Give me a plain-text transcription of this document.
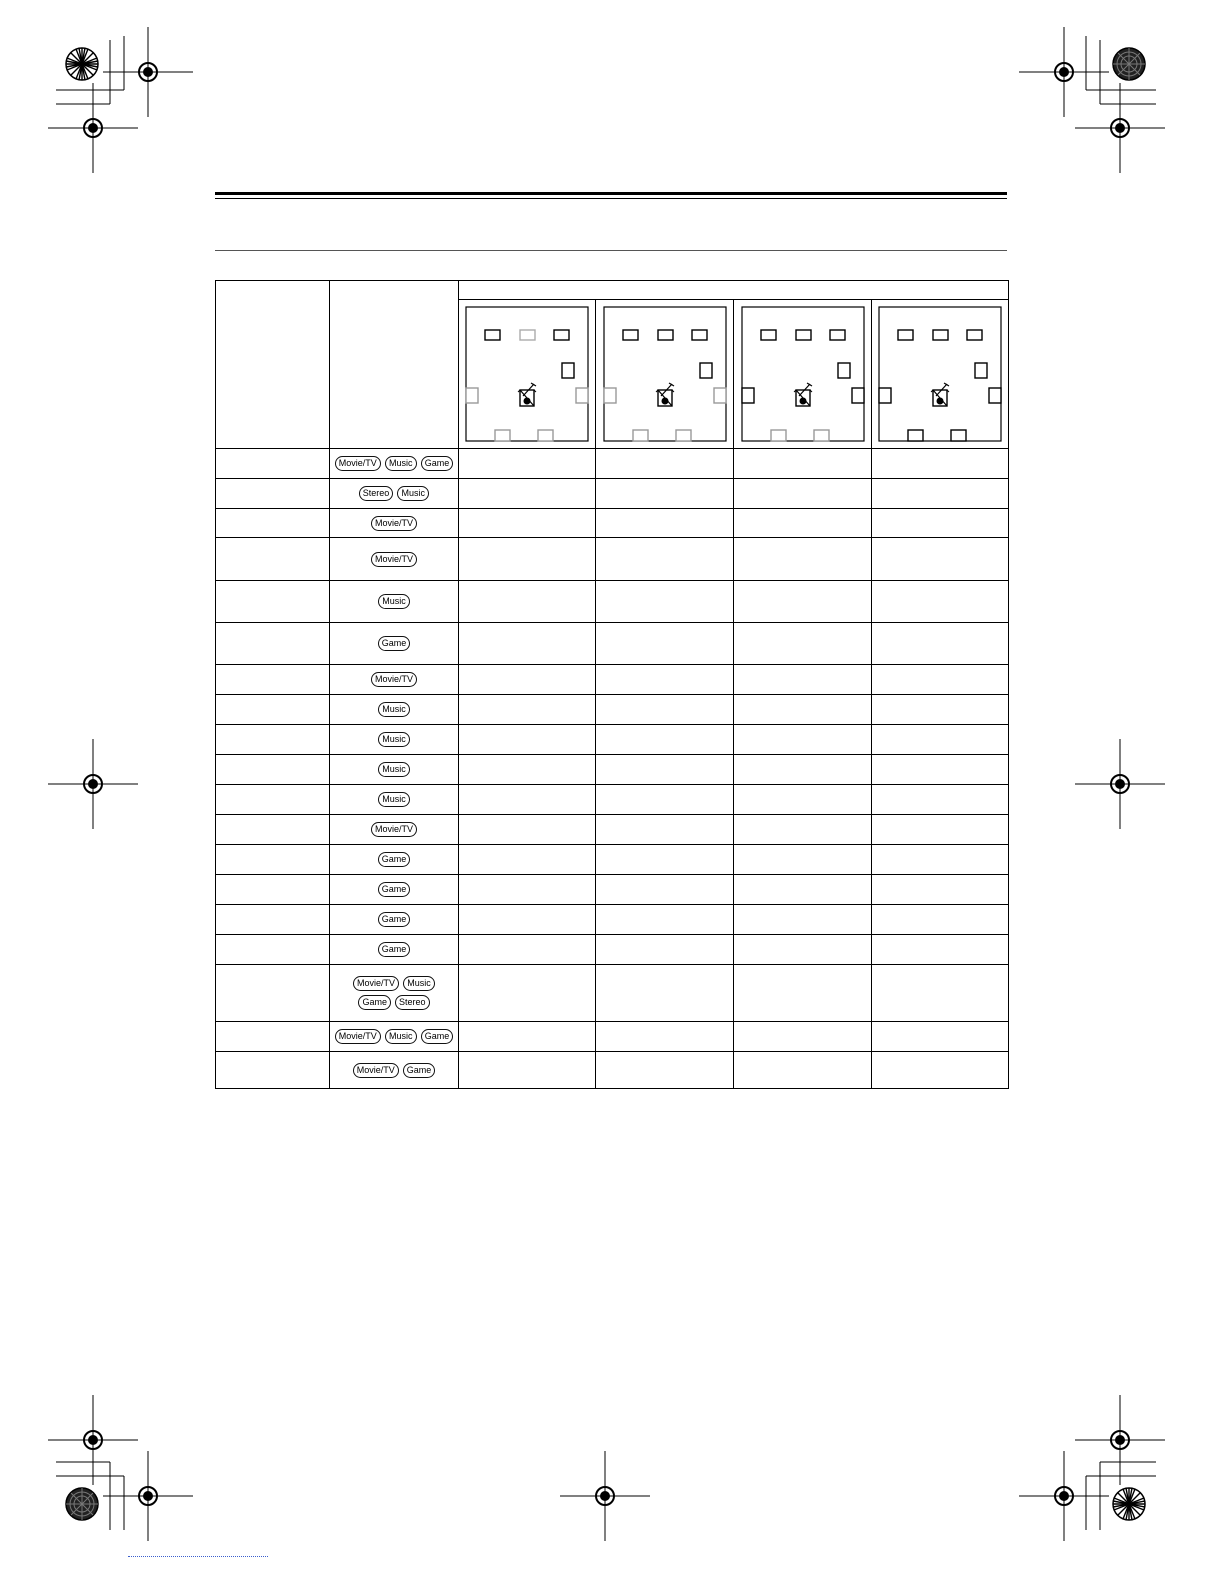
	Movie/TV Music Game				

	Stereo Music				

	Movie/TV				

	Movie/TV				

	Music				

	Game				

	Movie/TV				

	Music				

	Music				

	Music				

	Music				

	Movie/TV				

	Game				

	Game				

	Game				

	Game				

	Movie/TV Music
Game Stereo				

	Movie/TV Music Game				

	Movie/TV Game				
